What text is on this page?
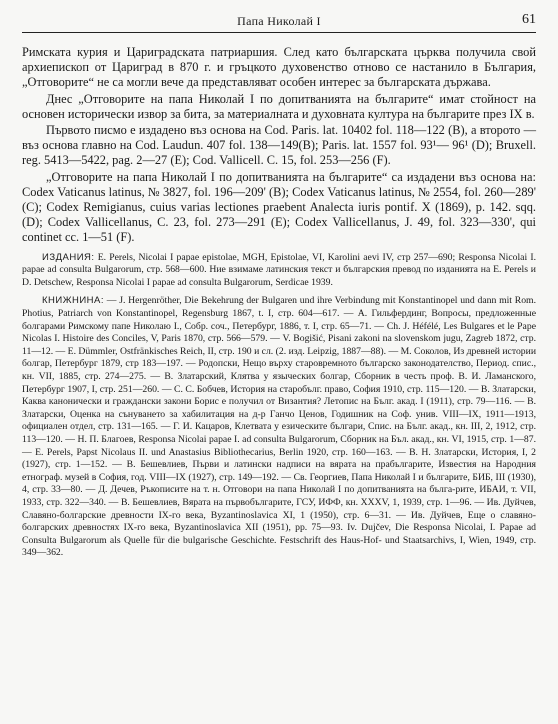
Папа Николай I	61

Римската курия и Цариградската патриаршия. След като българската църква получила свой архиепископ от Цариград в 870 г. и гръцкото духовенство отново се настанило в България, „Отговорите“ не са могли вече да представляват особен интерес за българската държава.

Днес „Отговорите на папа Николай I по допитванията на българите“ имат стойност на основен исторически извор за бита, за материалната и духовната култура на българите през IX в.

Първото писмо е издадено въз основа на Cod. Paris. lat. 10402 fol. 118—122 (В), а второто — въз основа главно на Cod. Laudun. 407 fol. 138—149(В); Paris. lat. 1557 fol. 93¹— 96¹ (D); Bruxell. reg. 5413—5422, pag. 2—27 (E); Cod. Vallicell. C. 15, fol. 253—256 (F).

„Отговорите на папа Николай I по допитванията на българите“ са издадени въз основа на: Codex Vaticanus latinus, № 3827, fol. 196—209' (B); Codex Vaticanus latinus, № 2554, fol. 260—289' (C); Codex Remigianus, cuius varias lectiones praebent Analecta iuris pontif. X (1869), p. 142. sqq. (D); Codex Vallicellanus, C. 23, fol. 273—291 (E); Codex Vallicellanus, J. 49, fol. 323—330', qui continet cc. 1—51 (F).

ИЗДАНИЯ: E. Perels, Nicolai I papae epistolae, MGH, Epistolae, VI, Karolini aevi IV, стр 257—690; Responsa Nicolai I. papae ad consulta Bulgarorum, стр. 568—600. Ние взимаме латинския текст и българския превод по изданията на E. Perels и D. Detschew, Responsa Nicolai I papae ad consulta Bulgarorum, Serdicae 1939.

КНИЖНИНА: — J. Hergenröther, Die Bekehrung der Bulgaren und ihre Verbindung mit Konstantinopel und dann mit Rom. Photius, Patriarch von Konstantinopel, Regensburg 1867, t. I, стр. 604—617. — А. Гильфердинг, Вопросы, предложенные болгарами Римскому папе Николаю I., Собр. соч., Петербург, 1886, т. I, стр. 65—71. — Ch. J. Héfélé, Les Bulgares et le Pape Nicolas I. Histoire des Conciles, V, Paris 1870, стр. 566—579. — V. Bogišić, Pisani zakoni na slovenskom jugu, Zagreb 1872, стр. 11—12. — E. Dümmler, Ostfränkisches Reich, II, стр. 190 и сл. (2. изд. Leipzig, 1887—88). — М. Соколов, Из древней истории болгар, Петербург 1879, стр 183—197. — Родопски, Нещо върху старовремното българско законодателство, Период. спис., кн. VII, 1885, стр. 274—275. — В. Златарский, Клятва у языческих болгар, Сборник в честь проф. В. И. Ламанского, Петербург 1907, I, стр. 251—260. — С. С. Бобчев, История на старобълг. право, София 1910, стр. 115—120. — В. Златарски, Каква канонически и граждански закони Борис е получил от Византия? Летопис на Бълг. акад. I (1911), стр. 79—116. — В. Златарски, Оценка на сънуването за хабилитация на д-р Ганчо Ценов, Годишник на Соф. унив. VIII—IX, 1911—1913, официален отдел, стр. 131—165. — Г. И. Кацаров, Клетвата у езическите българи, Спис. на Бълг. акад., кн. III, 2, 1912, стр. 113—120. — Н. П. Благоев, Responsa Nicolai papae I. ad consulta Bulgarorum, Сборник на Бъл. акад., кн. VI, 1915, стр. 1—87. — E. Perels, Papst Nicolaus II. und Anastasius Bibliothecarius, Berlin 1920, стр. 160—163. — В. Н. Златарски, История, I, 2 (1927), стр. 1—152. — В. Бешевлиев, Първи и латински надписи на вярата на прабългарите, Известия на Народния етнограф. музей в София, год. VIII—IX (1927), стр. 149—192. — Св. Георгиев, Папа Николай I и българите, БИБ, III (1930), 4, стр. 33—80. — Д. Дечев, Ръкописите на т. н. Отговори на папа Николай I по допитванията на бълга-рите, ИБАИ, т. VII, 1933, стр. 322—340. — В. Бешевлиев, Вярата на първобългарите, ГСУ, ИФФ, кн. XXXV, 1, 1939, стр. 1—96. — Ив. Дуйчев, Славяно-болгарские древности IX-го века, Byzantinoslavica XI, 1 (1950), стр. 6—31. — Ив. Дуйчев, Еще о славяно-болгарских древностях IX-го века, Byzantinoslavica XII (1951), pp. 75—93. Iv. Dujčev, Die Responsa Nicolai, I. Papae ad Consulta Bulgarorum als Quelle für die bulgarische Geschichte. Festschrift des Haus-Hof- und Staatsarchivs, I, Wien, 1949, стр. 349—362.
